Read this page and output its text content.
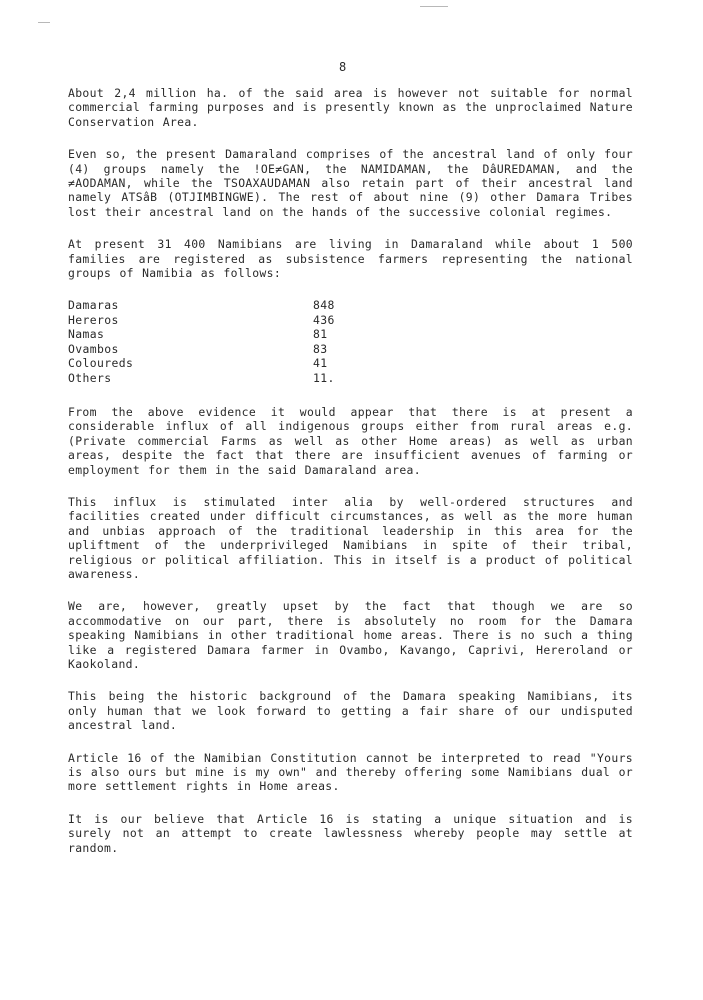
8

About 2,4 million ha. of the said area is however not suitable for normal commercial farming purposes and is presently known as the unproclaimed Nature Conservation Area.

Even so, the present Damaraland comprises of the ancestral land of only four (4) groups namely the !OE≠GAN, the NAMIDAMAN, the DâUREDAMAN, and the ≠AODAMAN, while the TSOAXAUDAMAN also retain part of their ancestral land namely ATSâB (OTJIMBINGWE). The rest of about nine (9) other Damara Tribes lost their ancestral land on the hands of the successive colonial regimes.

At present 31 400 Namibians are living in Damaraland while about 1 500 families are registered as subsistence farmers representing the national groups of Namibia as follows:

Damaras	848
Hereros	436
Namas	81
Ovambos	83
Coloureds	41
Others	11.

From the above evidence it would appear that there is at present a considerable influx of all indigenous groups either from rural areas e.g. (Private commercial Farms as well as other Home areas) as well as urban areas, despite the fact that there are insufficient avenues of farming or employment for them in the said Damaraland area.

This influx is stimulated inter alia by well-ordered structures and facilities created under difficult circumstances, as well as the more human and unbias approach of the traditional leadership in this area for the upliftment of the underprivileged Namibians in spite of their tribal, religious or political affiliation. This in itself is a product of political awareness.

We are, however, greatly upset by the fact that though we are so accommodative on our part, there is absolutely no room for the Damara speaking Namibians in other traditional home areas. There is no such a thing like a registered Damara farmer in Ovambo, Kavango, Caprivi, Hereroland or Kaokoland.

This being the historic background of the Damara speaking Namibians, its only human that we look forward to getting a fair share of our undisputed ancestral land.

Article 16 of the Namibian Constitution cannot be interpreted to read "Yours is also ours but mine is my own" and thereby offering some Namibians dual or more settlement rights in Home areas.

It is our believe that Article 16 is stating a unique situation and is surely not an attempt to create lawlessness whereby people may settle at random.
